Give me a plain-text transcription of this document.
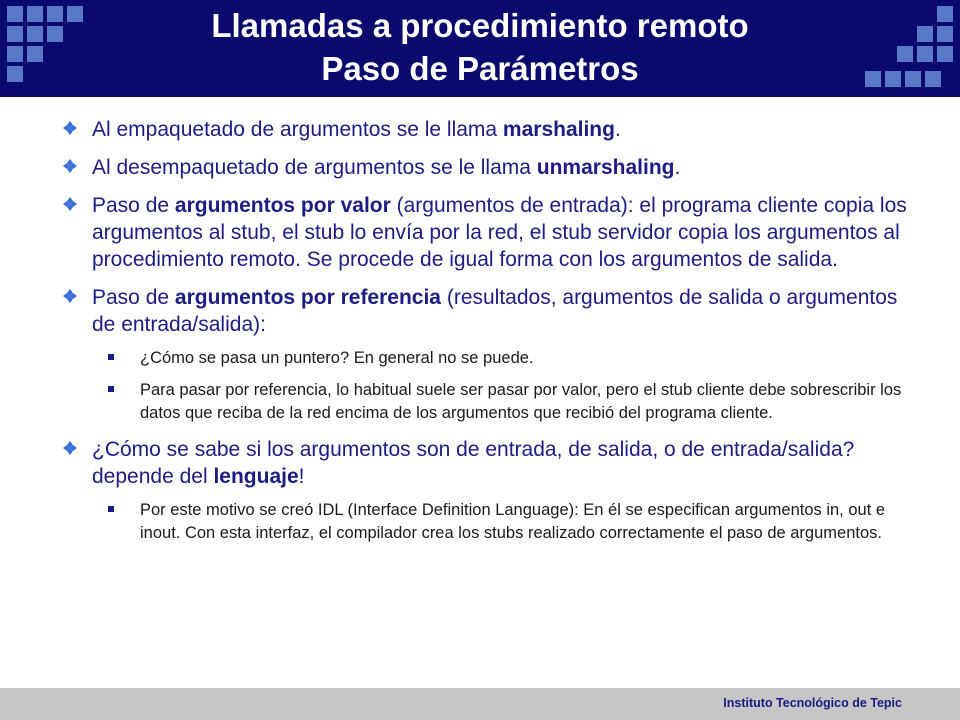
Llamadas a procedimiento remoto
Paso de Parámetros
Al empaquetado de argumentos se le llama marshaling.
Al desempaquetado de argumentos se le llama unmarshaling.
Paso de argumentos por valor (argumentos de entrada): el programa cliente copia los argumentos al stub, el stub lo envía por la red, el stub servidor copia los argumentos al procedimiento remoto. Se procede de igual forma con los argumentos de salida.
Paso de argumentos por referencia (resultados, argumentos de salida o argumentos de entrada/salida):
¿Cómo se pasa un puntero? En general no se puede.
Para pasar por referencia, lo habitual suele ser pasar por valor, pero el stub cliente debe sobrescribir los datos que reciba de la red encima de los argumentos que recibió del programa cliente.
¿Cómo se sabe si los argumentos son de entrada, de salida, o de entrada/salida? depende del lenguaje!
Por este motivo se creó IDL (Interface Definition Language): En él se especifican argumentos in, out e inout. Con esta interfaz, el compilador crea los stubs realizado correctamente el paso de argumentos.
Instituto Tecnológico de Tepic
